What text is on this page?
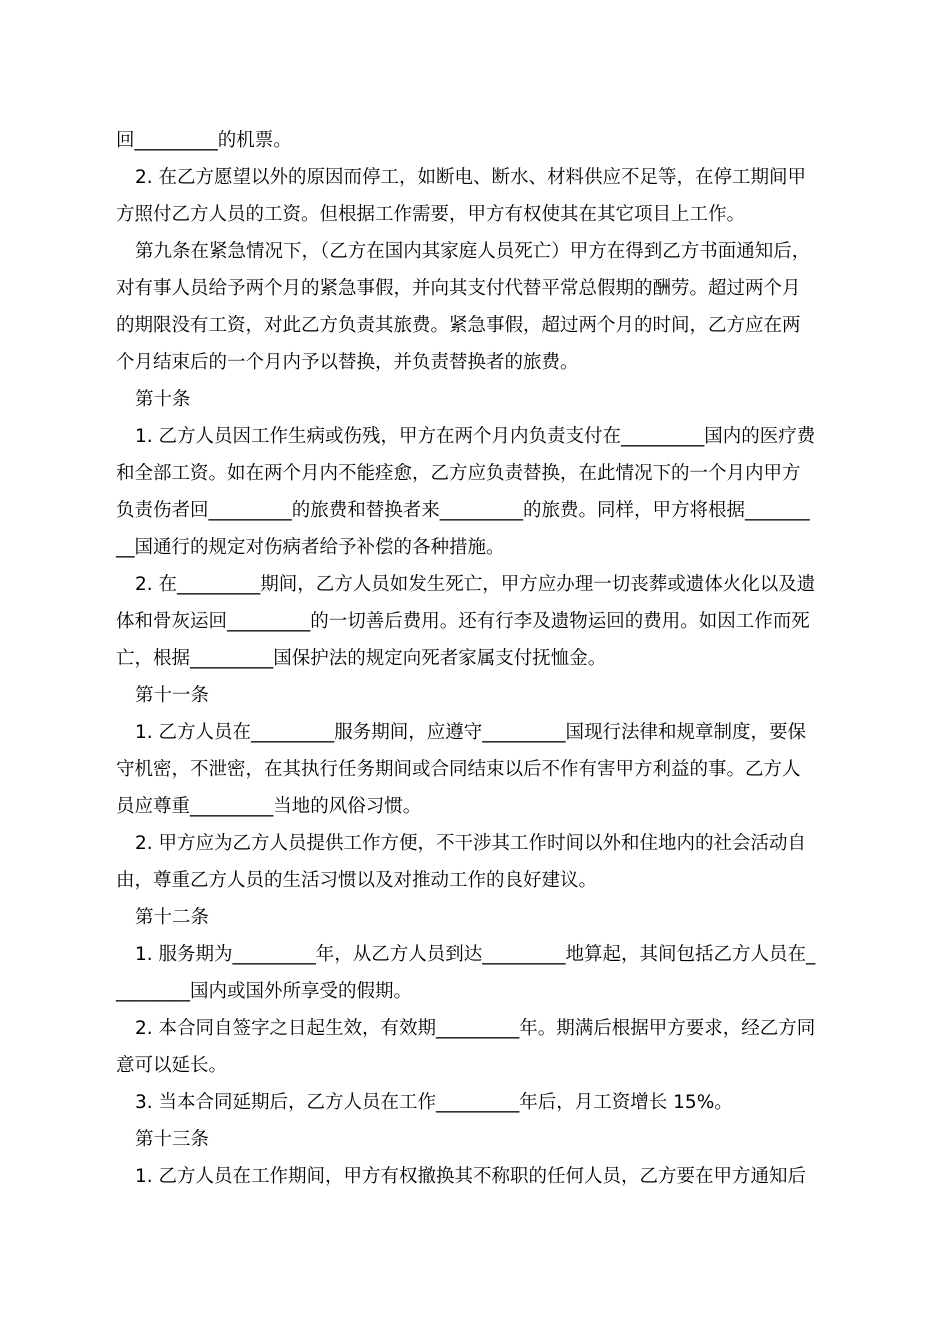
回_________的机票。
2. 在乙方愿望以外的原因而停工，如断电、断水、材料供应不足等，在停工期间甲
方照付乙方人员的工资。但根据工作需要，甲方有权使其在其它项目上工作。
第九条在紧急情况下，（乙方在国内其家庭人员死亡）甲方在得到乙方书面通知后，
对有事人员给予两个月的紧急事假，并向其支付代替平常总假期的酬劳。超过两个月
的期限没有工资，对此乙方负责其旅费。紧急事假，超过两个月的时间，乙方应在两
个月结束后的一个月内予以替换，并负责替换者的旅费。
第十条
1. 乙方人员因工作生病或伤残，甲方在两个月内负责支付在_________国内的医疗费
和全部工资。如在两个月内不能痊愈，乙方应负责替换，在此情况下的一个月内甲方
负责伤者回_________的旅费和替换者来_________的旅费。同样，甲方将根据_______
__国通行的规定对伤病者给予补偿的各种措施。
2. 在_________期间，乙方人员如发生死亡，甲方应办理一切丧葬或遗体火化以及遗
体和骨灰运回_________的一切善后费用。还有行李及遗物运回的费用。如因工作而死
亡，根据_________国保护法的规定向死者家属支付抚恤金。
第十一条
1. 乙方人员在_________服务期间，应遵守_________国现行法律和规章制度，要保
守机密，不泄密，在其执行任务期间或合同结束以后不作有害甲方利益的事。乙方人
员应尊重_________当地的风俗习惯。
2. 甲方应为乙方人员提供工作方便，不干涉其工作时间以外和住地内的社会活动自
由，尊重乙方人员的生活习惯以及对推动工作的良好建议。
第十二条
1. 服务期为_________年，从乙方人员到达_________地算起，其间包括乙方人员在_
________国内或国外所享受的假期。
2. 本合同自签字之日起生效，有效期_________年。期满后根据甲方要求，经乙方同
意可以延长。
3. 当本合同延期后，乙方人员在工作_________年后，月工资增长 15%。
第十三条
1. 乙方人员在工作期间，甲方有权撤换其不称职的任何人员，乙方要在甲方通知后
